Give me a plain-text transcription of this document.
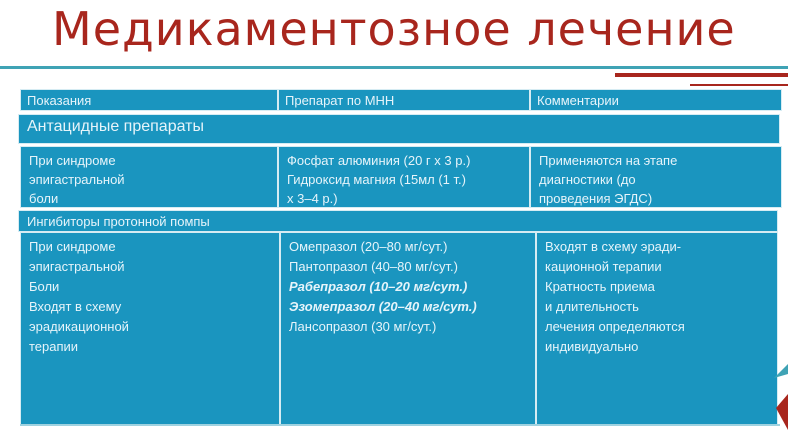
Медикаментозное лечение
Показания	Препарат по МНН	Комментарии
Антацидные препараты
При синдроме
эпигастральной
боли
Фосфат алюминия (20 г х 3 р.)
Гидроксид магния (15мл (1 т.)
х 3–4 р.)
Применяются на этапе
диагностики (до
проведения ЭГДС)
Ингибиторы протонной помпы
При синдроме
эпигастральной
Боли
Входят в схему
эрадикационной
терапии
Омепразол (20–80 мг/сут.)
Пантопразол (40–80 мг/сут.)
Рабепразол (10–20 мг/сут.)
Эзомепразол (20–40 мг/сут.)
Лансопразол (30 мг/сут.)
Входят в схему эради-
кационной терапии
Кратность приема
и длительность
лечения определяются
индивидуально
